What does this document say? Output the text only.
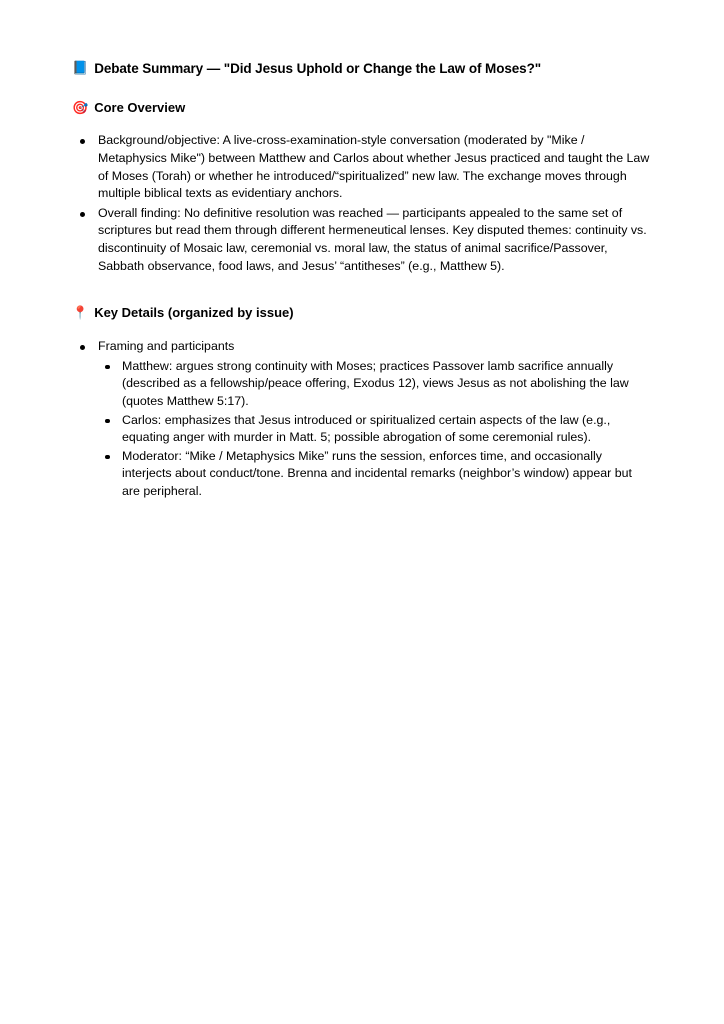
📘 Debate Summary — "Did Jesus Uphold or Change the Law of Moses?"
🎯 Core Overview
Background/objective: A live-cross-examination-style conversation (moderated by "Mike / Metaphysics Mike") between Matthew and Carlos about whether Jesus practiced and taught the Law of Moses (Torah) or whether he introduced/“spiritualized” new law. The exchange moves through multiple biblical texts as evidentiary anchors.
Overall finding: No definitive resolution was reached — participants appealed to the same set of scriptures but read them through different hermeneutical lenses. Key disputed themes: continuity vs. discontinuity of Mosaic law, ceremonial vs. moral law, the status of animal sacrifice/Passover, Sabbath observance, food laws, and Jesus’ “antitheses” (e.g., Matthew 5).
📍 Key Details (organized by issue)
Framing and participants
Matthew: argues strong continuity with Moses; practices Passover lamb sacrifice annually (described as a fellowship/peace offering, Exodus 12), views Jesus as not abolishing the law (quotes Matthew 5:17).
Carlos: emphasizes that Jesus introduced or spiritualized certain aspects of the law (e.g., equating anger with murder in Matt. 5; possible abrogation of some ceremonial rules).
Moderator: “Mike / Metaphysics Mike” runs the session, enforces time, and occasionally interjects about conduct/tone. Brenna and incidental remarks (neighbor’s window) appear but are peripheral.
